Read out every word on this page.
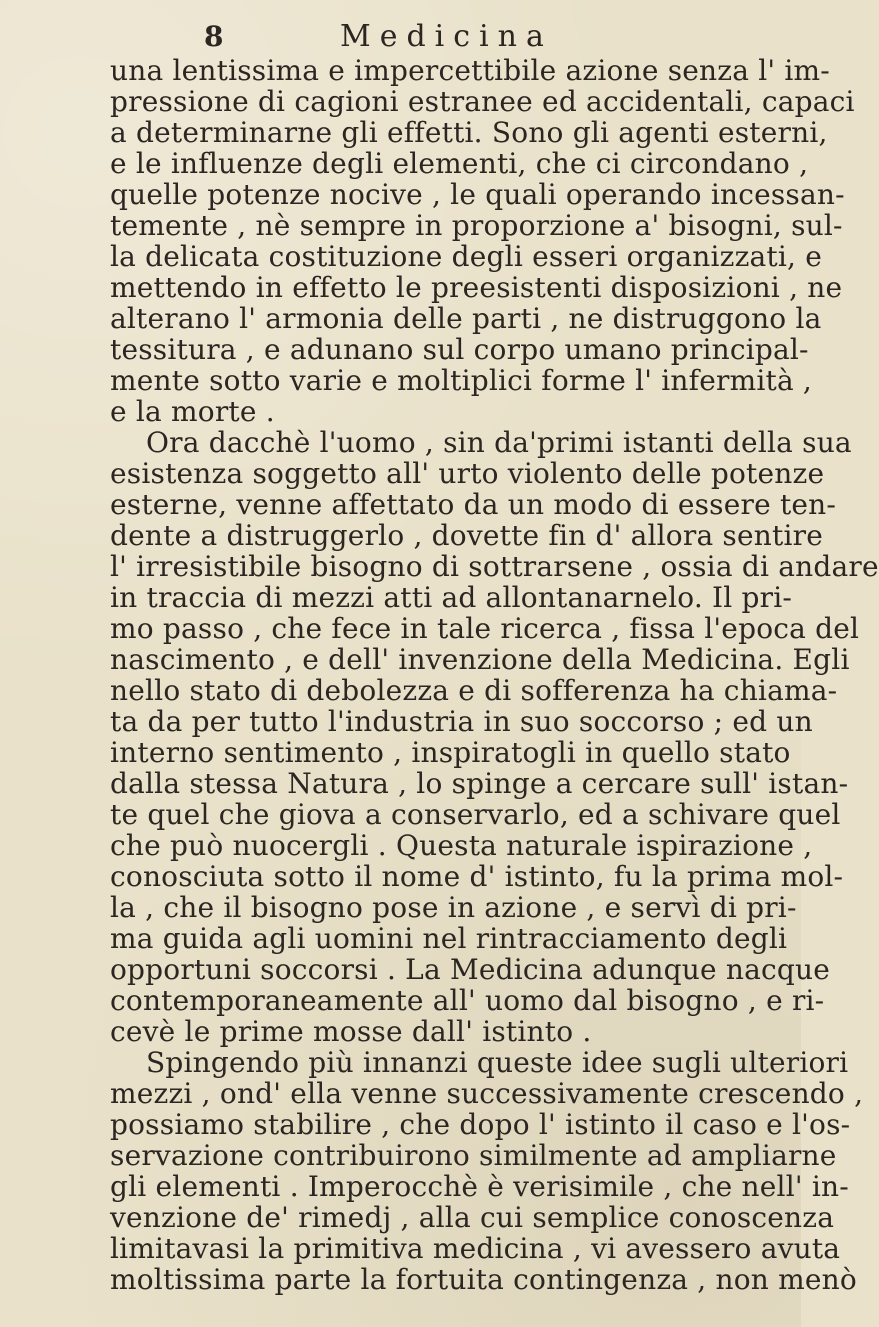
8	Medicina
una lentissima e impercettibile azione senza l' im-
pressione di cagioni estranee ed accidentali, capaci
a determinarne gli effetti. Sono gli agenti esterni,
e le influenze degli elementi, che ci circondano ,
quelle potenze nocive , le quali operando incessan-
temente , nè sempre in proporzione a' bisogni, sul-
la delicata costituzione degli esseri organizzati, e
mettendo in effetto le preesistenti disposizioni , ne
alterano l' armonia delle parti , ne distruggono la
tessitura , e adunano sul corpo umano principal-
mente sotto varie e moltiplici forme l' infermità ,
e la morte .
Ora dacchè l'uomo , sin da'primi istanti della sua
esistenza soggetto all' urto violento delle potenze
esterne, venne affettato da un modo di essere ten-
dente a distruggerlo , dovette fin d' allora sentire
l' irresistibile bisogno di sottrarsene , ossia di andare
in traccia di mezzi atti ad allontanarnelo. Il pri-
mo passo , che fece in tale ricerca , fissa l'epoca del
nascimento , e dell' invenzione della Medicina. Egli
nello stato di debolezza e di sofferenza ha chiama-
ta da per tutto l'industria in suo soccorso ; ed un
interno sentimento , inspiratogli in quello stato
dalla stessa Natura , lo spinge a cercare sull' istan-
te quel che giova a conservarlo, ed a schivare quel
che può nuocergli . Questa naturale ispirazione ,
conosciuta sotto il nome d' istinto, fu la prima mol-
la , che il bisogno pose in azione , e servì di pri-
ma guida agli uomini nel rintracciamento degli
opportuni soccorsi . La Medicina adunque nacque
contemporaneamente all' uomo dal bisogno , e ri-
cevè le prime mosse dall' istinto .
Spingendo più innanzi queste idee sugli ulteriori
mezzi , ond' ella venne successivamente crescendo ,
possiamo stabilire , che dopo l' istinto il caso e l'os-
servazione contribuirono similmente ad ampliarne
gli elementi . Imperocchè è verisimile , che nell' in-
venzione de' rimedj , alla cui semplice conoscenza
limitavasi la primitiva medicina , vi avessero avuta
moltissima parte la fortuita contingenza , non menò
